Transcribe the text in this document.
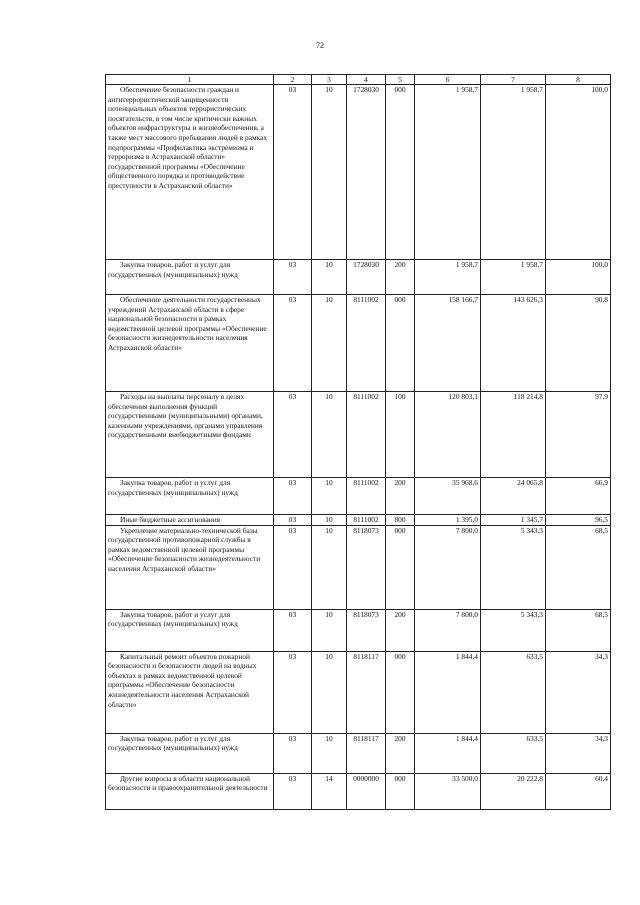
72
1	2	3	4	5	6	7	8

Обеспечение безопасности граждан и антитеррористической защищенности потенциальных объектов террористических посягательств, в том числе критически важных объектов инфраструктуры и жизнеобеспечения, а также мест массового пребывания людей в рамках подпрограммы «Профилактика экстремизма и терроризма в Астраханской области» государственной программы «Обеспечение общественного порядка и противодействие преступности в Астраханской области»	03	10	1728030	000	1 958,7	1 958,7	100,0

Закупка товаров, работ и услуг для государственных (муниципальных) нужд	03	10	1728030	200	1 958,7	1 958,7	100,0

Обеспечение деятельности государственных учреждений Астраханской области в сфере национальной безопасности в рамках ведомственной целевой программы «Обеспечение безопасности жизнедеятельности населения Астраханской области»	03	10	8111002	000	158 166,7	143 626,3	90,8

Расходы на выплаты персоналу в целях обеспечения выполнения функций государственными (муниципальными) органами, казенными учреждениями, органами управления государственными внебюджетными фондами	03	10	8111002	100	120 803,1	118 214,8	97,9

Закупка товаров, работ и услуг для государственных (муниципальных) нужд	03	10	8111002	200	35 968,6	24 065,8	66,9

Иные бюджетные ассигнования	03	10	8111002	800	1 395,0	1 345,7	96,5

Укрепление материально-технической базы государственной противопожарной службы в рамках ведомственной целевой программы «Обеспечение безопасности жизнедеятельности населения Астраханской области»	03	10	8118073	000	7 800,0	5 343,3	68,5

Закупка товаров, работ и услуг для государственных (муниципальных) нужд	03	10	8118073	200	7 800,0	5 343,3	68,5

Капитальный ремонт объектов пожарной безопасности и безопасности людей на водных объектах в рамках ведомственной целевой программы «Обеспечение безопасности жизнедеятельности населения Астраханской области»	03	10	8118117	000	1 844,4	633,5	34,3

Закупка товаров, работ и услуг для государственных (муниципальных) нужд	03	10	8118117	200	1 844,4	633,5	34,3

Другие вопросы в области национальной безопасности и правоохранительной деятельности	03	14	0000000	000	33 500,0	20 222,8	60,4
